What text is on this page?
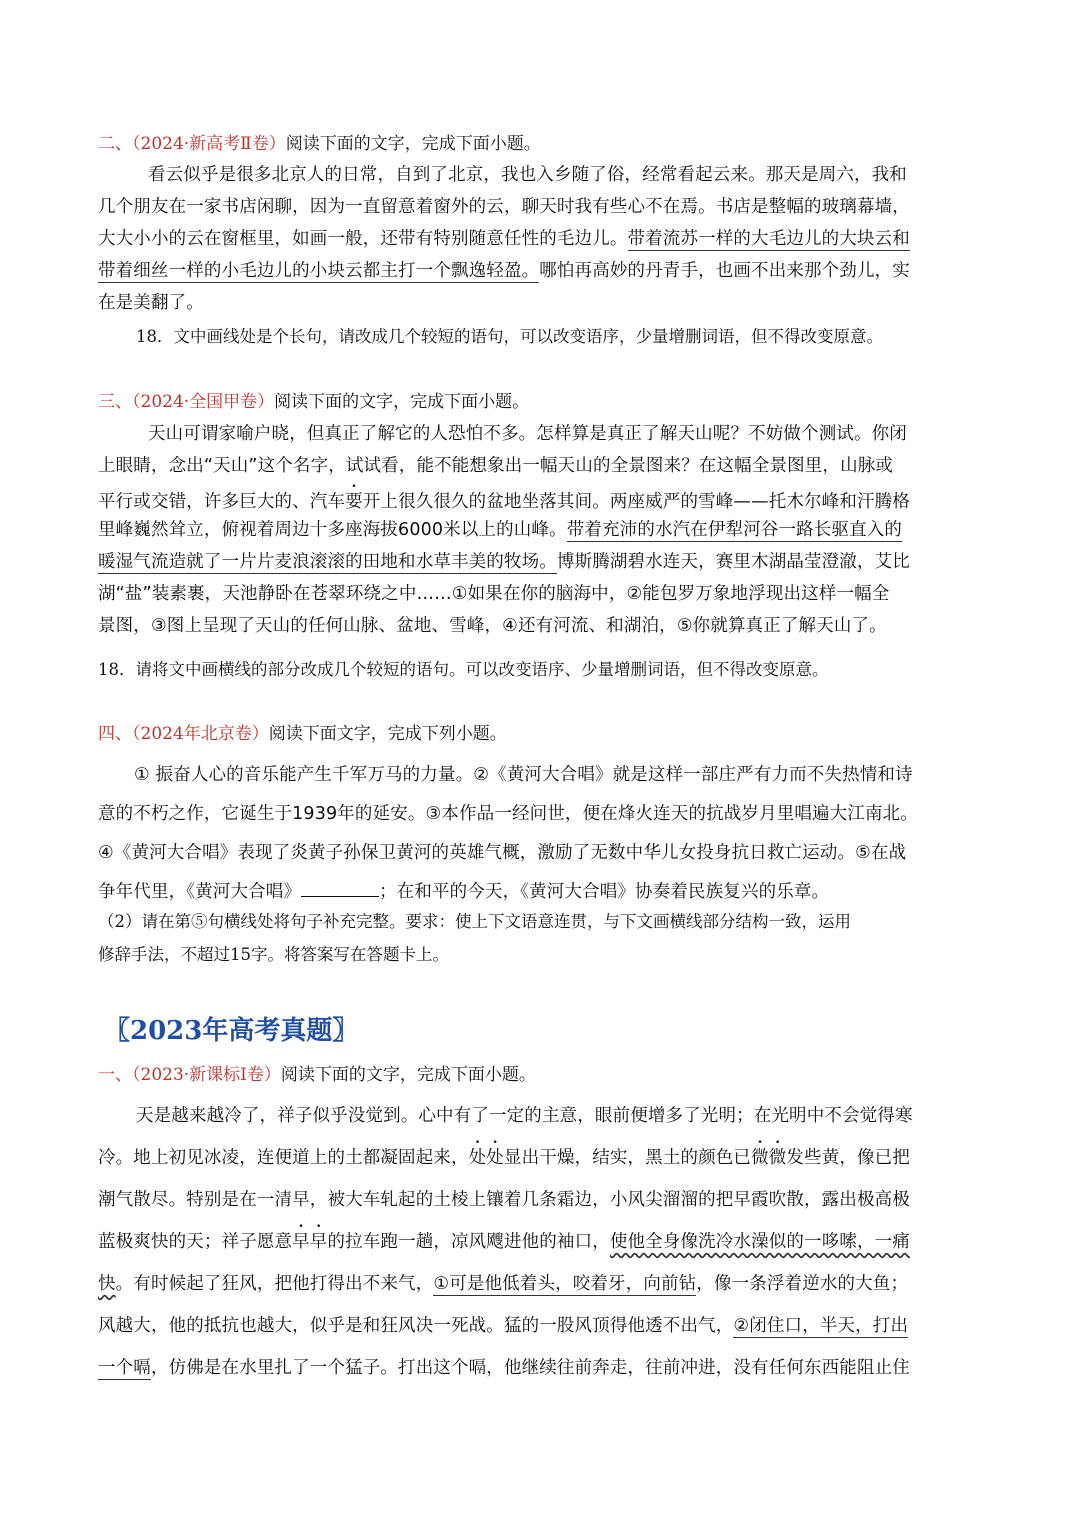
二、（2024·新高考Ⅱ卷）阅读下面的文字，完成下面小题。
看云似乎是很多北京人的日常，自到了北京，我也入乡随了俗，经常看起云来。那天是周六，我和
几个朋友在一家书店闲聊，因为一直留意着窗外的云，聊天时我有些心不在焉。书店是整幅的玻璃幕墙，
大大小小的云在窗框里，如画一般，还带有特别随意任性的毛边儿。带着流苏一样的大毛边儿的大块云和
带着细丝一样的小毛边儿的小块云都主打一个飘逸轻盈。哪怕再高妙的丹青手，也画不出来那个劲儿，实
在是美翻了。
18．文中画线处是个长句，请改成几个较短的语句，可以改变语序，少量增删词语，但不得改变原意。
三、（2024·全国甲卷）阅读下面的文字，完成下面小题。
天山可谓家喻户晓，但真正了解它的人恐怕不多。怎样算是真正了解天山呢？不妨做个测试。你闭
上眼睛，念出“天山”这个名字，试试看，能不能想象出一幅天山的全景图来？在这幅全景图里，山脉或
平行或交错，许多巨大的、汽车要开上很久很久的盆地坐落其间。两座威严的雪峰——托木尔峰和汗腾格
里峰巍然耸立，俯视着周边十多座海拔6000米以上的山峰。带着充沛的水汽在伊犁河谷一路长驱直入的
暖湿气流造就了一片片麦浪滚滚的田地和水草丰美的牧场。博斯腾湖碧水连天，赛里木湖晶莹澄澈，艾比
湖“盐”装素裹，天池静卧在苍翠环绕之中……①如果在你的脑海中，②能包罗万象地浮现出这样一幅全
景图，③图上呈现了天山的任何山脉、盆地、雪峰，④还有河流、和湖泊，⑤你就算真正了解天山了。
18．请将文中画横线的部分改成几个较短的语句。可以改变语序、少量增删词语，但不得改变原意。
四、（2024年北京卷）阅读下面文字，完成下列小题。
① 振奋人心的音乐能产生千军万马的力量。②《黄河大合唱》就是这样一部庄严有力而不失热情和诗
意的不朽之作，它诞生于1939年的延安。③本作品一经问世，便在烽火连天的抗战岁月里唱遍大江南北。
④《黄河大合唱》表现了炎黄子孙保卫黄河的英雄气概，激励了无数中华儿女投身抗日救亡运动。⑤在战
争年代里，《黄河大合唱》	；在和平的今天，《黄河大合唱》协奏着民族复兴的乐章。
（2）请在第⑤句横线处将句子补充完整。要求：使上下文语意连贯，与下文画横线部分结构一致，运用
修辞手法，不超过15字。将答案写在答题卡上。
〖2023年高考真题〗
一、（2023·新课标Ⅰ卷）阅读下面的文字，完成下面小题。
天是越来越冷了，祥子似乎没觉到。心中有了一定的主意，眼前便增多了光明；在光明中不会觉得寒
冷。地上初见冰凌，连便道上的土都凝固起来，处处显出干燥，结实，黑土的颜色已微微发些黄，像已把
潮气散尽。特别是在一清早，被大车轧起的土棱上镶着几条霜边，小风尖溜溜的把早霞吹散，露出极高极
蓝极爽快的天；祥子愿意早早的拉车跑一趟，凉风飕进他的袖口，使他全身像洗冷水澡似的一哆嗦，一痛
快。有时候起了狂风，把他打得出不来气，①可是他低着头，咬着牙，向前钻，像一条浮着逆水的大鱼；
风越大，他的抵抗也越大，似乎是和狂风决一死战。猛的一股风顶得他透不出气，②闭住口，半天，打出
一个嗝，仿佛是在水里扎了一个猛子。打出这个嗝，他继续往前奔走，往前冲进，没有任何东西能阻止住
